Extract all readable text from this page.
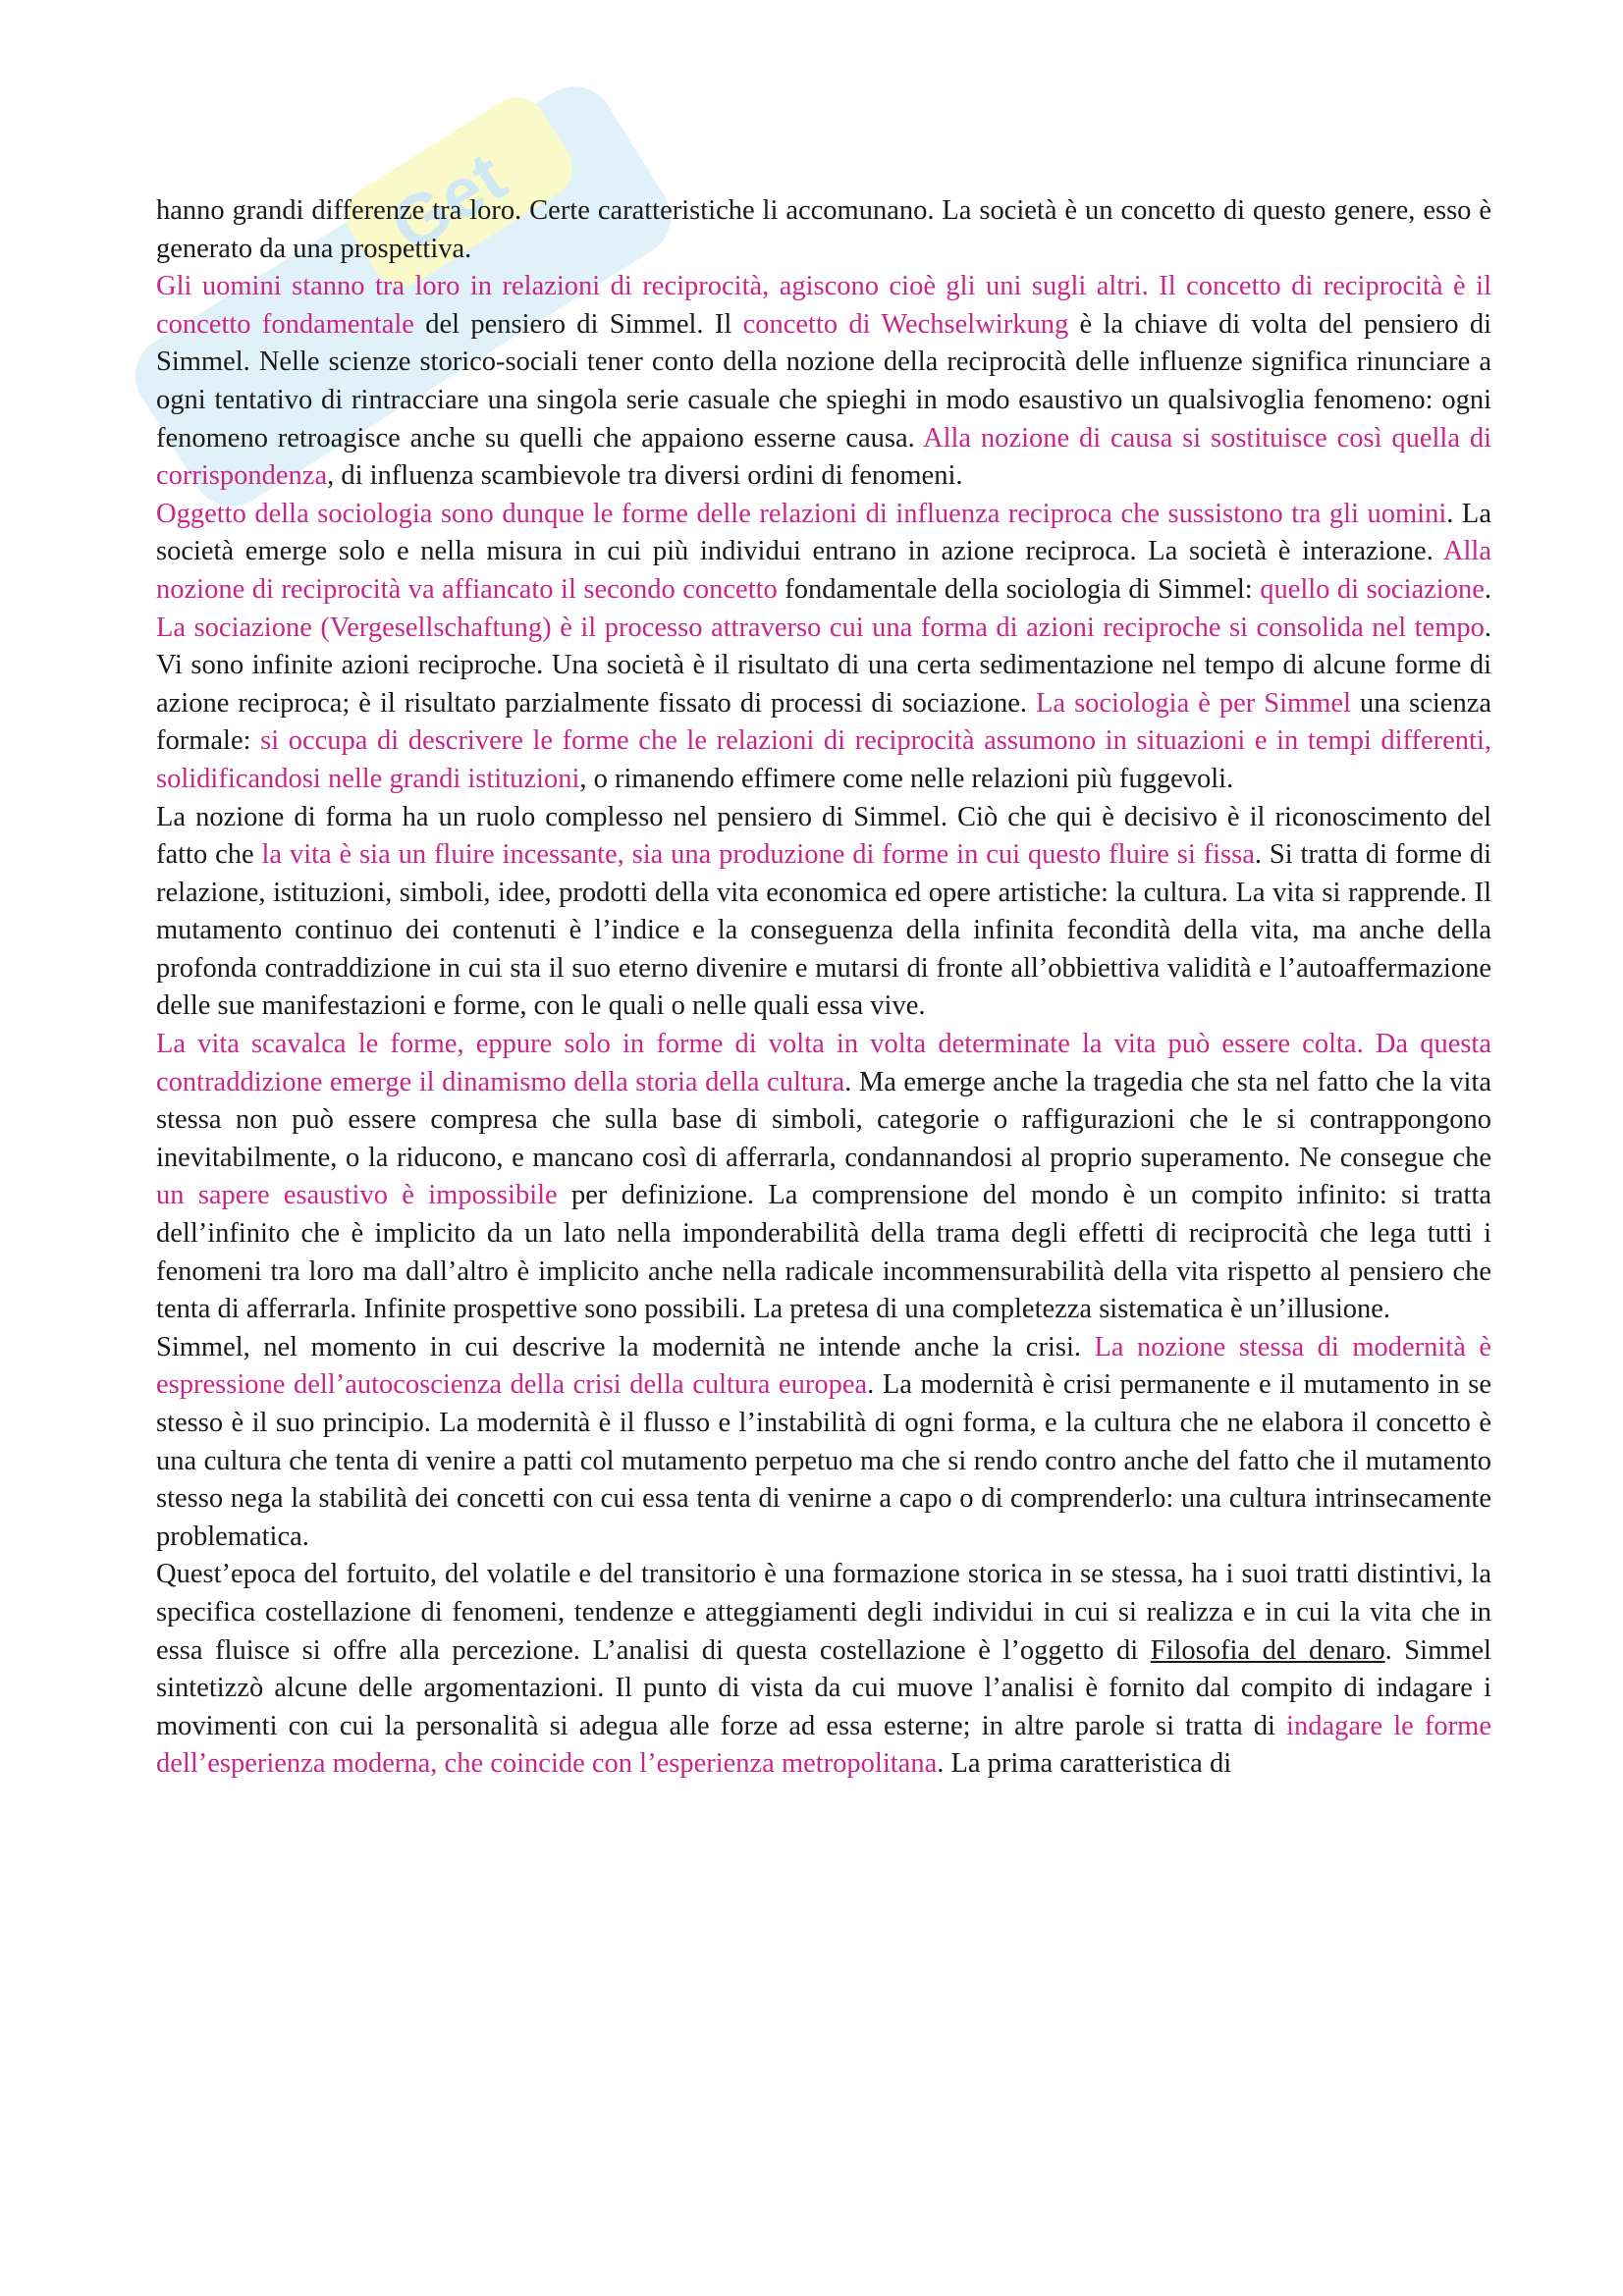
Get

hanno grandi differenze tra loro. Certe caratteristiche li accomunano. La società è un concetto di questo genere, esso è generato da una prospettiva.

Gli uomini stanno tra loro in relazioni di reciprocità, agiscono cioè gli uni sugli altri. Il concetto di reciprocità è il concetto fondamentale del pensiero di Simmel. Il concetto di Wechselwirkung è la chiave di volta del pensiero di Simmel. Nelle scienze storico-sociali tener conto della nozione della reciprocità delle influenze significa rinunciare a ogni tentativo di rintracciare una singola serie casuale che spieghi in modo esaustivo un qualsivoglia fenomeno: ogni fenomeno retroagisce anche su quelli che appaiono esserne causa. Alla nozione di causa si sostituisce così quella di corrispondenza, di influenza scambievole tra diversi ordini di fenomeni.

Oggetto della sociologia sono dunque le forme delle relazioni di influenza reciproca che sussistono tra gli uomini. La società emerge solo e nella misura in cui più individui entrano in azione reciproca. La società è interazione. Alla nozione di reciprocità va affiancato il secondo concetto fondamentale della sociologia di Simmel: quello di sociazione. La sociazione (Vergesellschaftung) è il processo attraverso cui una forma di azioni reciproche si consolida nel tempo. Vi sono infinite azioni reciproche. Una società è il risultato di una certa sedimentazione nel tempo di alcune forme di azione reciproca; è il risultato parzialmente fissato di processi di sociazione. La sociologia è per Simmel una scienza formale: si occupa di descrivere le forme che le relazioni di reciprocità assumono in situazioni e in tempi differenti, solidificandosi nelle grandi istituzioni, o rimanendo effimere come nelle relazioni più fuggevoli.

La nozione di forma ha un ruolo complesso nel pensiero di Simmel. Ciò che qui è decisivo è il riconoscimento del fatto che la vita è sia un fluire incessante, sia una produzione di forme in cui questo fluire si fissa. Si tratta di forme di relazione, istituzioni, simboli, idee, prodotti della vita economica ed opere artistiche: la cultura. La vita si rapprende. Il mutamento continuo dei contenuti è l’indice e la conseguenza della infinita fecondità della vita, ma anche della profonda contraddizione in cui sta il suo eterno divenire e mutarsi di fronte all’obbiettiva validità e l’autoaffermazione delle sue manifestazioni e forme, con le quali o nelle quali essa vive.

La vita scavalca le forme, eppure solo in forme di volta in volta determinate la vita può essere colta. Da questa contraddizione emerge il dinamismo della storia della cultura. Ma emerge anche la tragedia che sta nel fatto che la vita stessa non può essere compresa che sulla base di simboli, categorie o raffigurazioni che le si contrappongono inevitabilmente, o la riducono, e mancano così di afferrarla, condannandosi al proprio superamento. Ne consegue che un sapere esaustivo è impossibile per definizione. La comprensione del mondo è un compito infinito: si tratta dell’infinito che è implicito da un lato nella imponderabilità della trama degli effetti di reciprocità che lega tutti i fenomeni tra loro ma dall’altro è implicito anche nella radicale incommensurabilità della vita rispetto al pensiero che tenta di afferrarla. Infinite prospettive sono possibili. La pretesa di una completezza sistematica è un’illusione.

Simmel, nel momento in cui descrive la modernità ne intende anche la crisi. La nozione stessa di modernità è espressione dell’autocoscienza della crisi della cultura europea. La modernità è crisi permanente e il mutamento in se stesso è il suo principio. La modernità è il flusso e l’instabilità di ogni forma, e la cultura che ne elabora il concetto è una cultura che tenta di venire a patti col mutamento perpetuo ma che si rendo contro anche del fatto che il mutamento stesso nega la stabilità dei concetti con cui essa tenta di venirne a capo o di comprenderlo: una cultura intrinsecamente problematica.

Quest’epoca del fortuito, del volatile e del transitorio è una formazione storica in se stessa, ha i suoi tratti distintivi, la specifica costellazione di fenomeni, tendenze e atteggiamenti degli individui in cui si realizza e in cui la vita che in essa fluisce si offre alla percezione. L’analisi di questa costellazione è l’oggetto di Filosofia del denaro. Simmel sintetizzò alcune delle argomentazioni. Il punto di vista da cui muove l’analisi è fornito dal compito di indagare i movimenti con cui la personalità si adegua alle forze ad essa esterne; in altre parole si tratta di indagare le forme dell’esperienza moderna, che coincide con l’esperienza metropolitana. La prima caratteristica di
